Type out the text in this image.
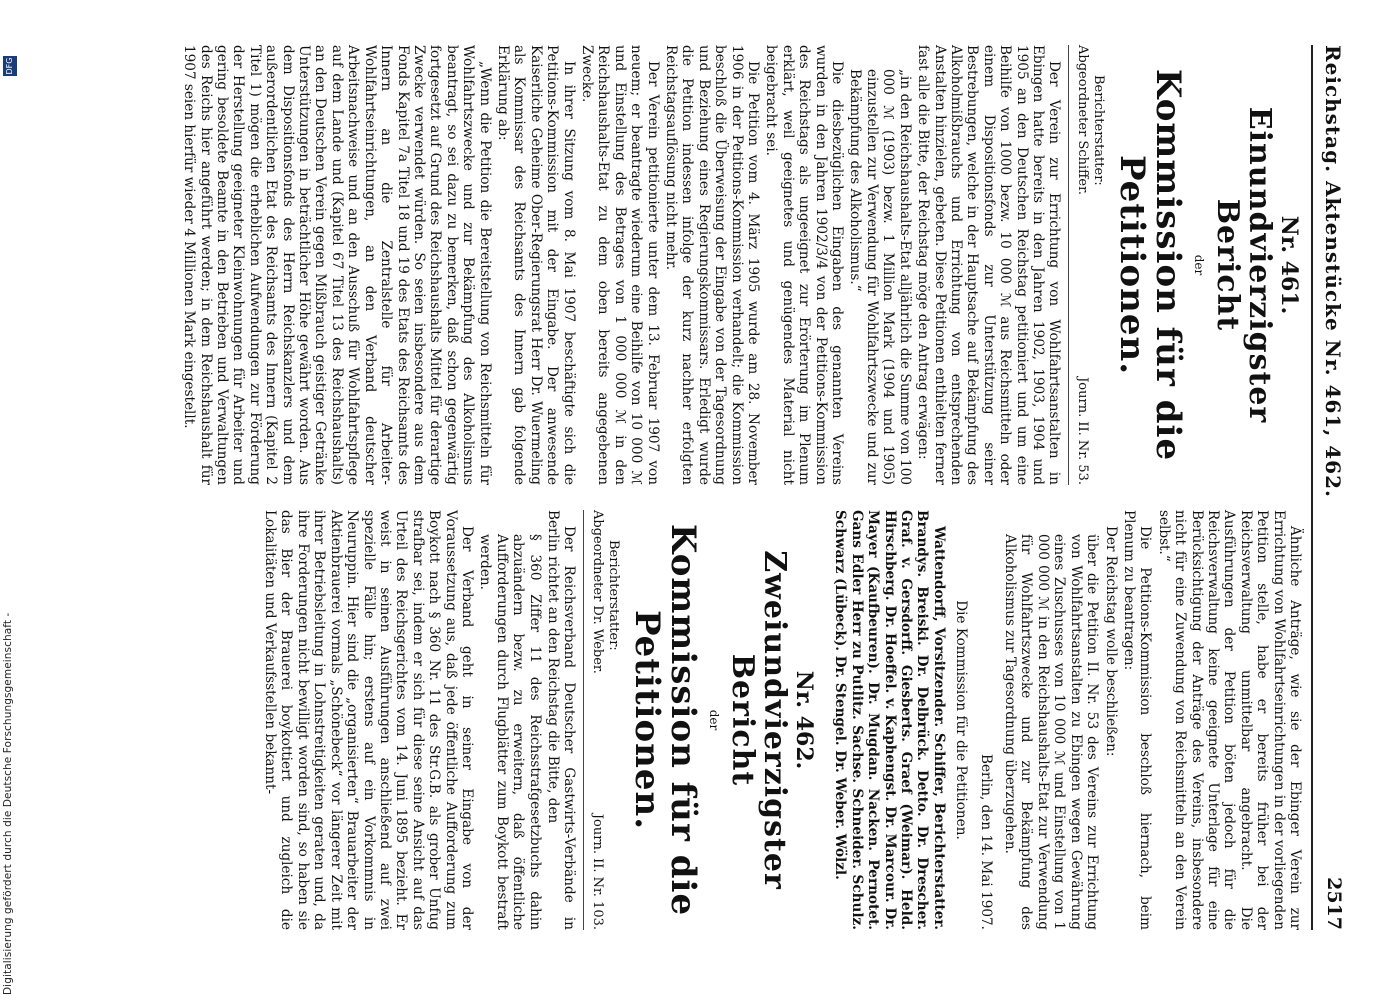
Reichstag. Aktenstücke Nr. 461, 462.
2517
Nr. 461.
Einundvierzigster Bericht
der
Kommission für die Petitionen.
Berichterstatter:
Abgeordneter Schiffer.
Journ. II. Nr. 53.

Der Verein zur Errichtung von Wohlfahrtsanstalten in Ebingen hatte bereits in den Jahren 1902, 1903, 1904 und 1905 an den Deutschen Reichstag petitioniert und um eine Beihilfe von 1000 bezw. 10 000 ℳ aus Reichsmitteln oder einem Dispositionsfonds zur Unterstützung seiner Bestrebungen, welche in der Hauptsache auf Bekämpfung des Alkoholmißbrauchs und Errichtung von entsprechenden Anstalten hinzielen, gebeten. Diese Petitionen enthielten ferner fast alle die Bitte, der Reichstag möge den Antrag erwägen:

„in den Reichshaushalts-Etat alljährlich die Summe von 100 000 ℳ (1903) bezw. 1 Million Mark (1904 und 1905) einzustellen zur Verwendung für Wohlfahrtszwecke und zur Bekämpfung des Alkoholismus.“

Die diesbezüglichen Eingaben des genannten Vereins wurden in den Jahren 1902/3/4 von der Petitions-Kommission des Reichstags als ungeeignet zur Erörterung im Plenum erklärt, weil geeignetes und genügendes Material nicht beigebracht sei.

Die Petition vom 4. März 1905 wurde am 28. November 1906 in der Petitions-Kommission verhandelt; die Kommission beschloß die Überweisung der Eingabe von der Tagesordnung und Beziehung eines Regierungskommissars. Erledigt wurde die Petition indessen infolge der kurz nachher erfolgten Reichstagsauflösung nicht mehr.

Der Verein petitionierte unter dem 13. Februar 1907 von neuem; er beantragte wiederum eine Beihilfe von 10 000 ℳ und Einstellung des Betrages von 1 000 000 ℳ in den Reichshaushalts-Etat zu dem oben bereits angegebenen Zwecke.

In ihrer Sitzung vom 8. Mai 1907 beschäftigte sich die Petitions-Kommission mit der Eingabe. Der anwesende Kaiserliche Geheime Ober-Regierungsrat Herr Dr. Wuermeling als Kommissar des Reichsamts des Innern gab folgende Erklärung ab:

„Wenn die Petition die Bereitstellung von Reichsmitteln für Wohlfahrtszwecke und zur Bekämpfung des Alkoholismus beantragt, so sei dazu zu bemerken, daß schon gegenwärtig fortgesetzt auf Grund des Reichshaushalts Mittel für derartige Zwecke verwendet würden. So seien insbesondere aus dem Fonds Kapitel 7a Titel 18 und 19 des Etats des Reichsamts des Innern an die Zentralstelle für Arbeiter-Wohlfahrtseinrichtungen, an den Verband deutscher Arbeitsnachweise und an den Ausschuß für Wohlfahrtspflege auf dem Lande und (Kapitel 67 Titel 13 des Reichshaushalts) an den Deutschen Verein gegen Mißbrauch geistiger Getränke Unterstützungen in beträchtlicher Höhe gewährt worden. Aus dem Dispositionsfonds des Herrn Reichskanzlers und dem außerordentlichen Etat des Reichsamts des Innern (Kapitel 2 Titel 1) mögen die erheblichen Aufwendungen zur Förderung der Herstellung geeigneter Kleinwohnungen für Arbeiter und gering besoldete Beamte in den Betrieben und Verwaltungen des Reichs hier angeführt werden; in dem Reichshaushalt für 1907 seien hierfür wieder 4 Millionen Mark eingestellt.

Ähnliche Anträge, wie sie der Ebinger Verein zur Errichtung von Wohlfahrtseinrichtungen in der vorliegenden Petition stelle, habe er bereits früher bei der Reichsverwaltung unmittelbar angebracht. Die Ausführungen der Petition böten jedoch für die Reichsverwaltung keine geeignete Unterlage für eine Berücksichtigung der Anträge des Vereins, insbesondere nicht für eine Zuwendung von Reichsmitteln an den Verein selbst.“

Die Petitions-Kommission beschloß hiernach, beim Plenum zu beantragen:

Der Reichstag wolle beschließen:

über die Petition II. Nr. 53 des Vereins zur Errichtung von Wohlfahrtsanstalten zu Ebingen wegen Gewährung eines Zuschusses von 10 000 ℳ und Einstellung von 1 000 000 ℳ in den Reichshaushalts-Etat zur Verwendung für Wohlfahrtszwecke und zur Bekämpfung des Alkoholismus zur Tagesordnung überzugehen.

Berlin, den 14. Mai 1907.

Die Kommission für die Petitionen.

Wattendorff, Vorsitzender. Schiffer, Berichterstatter. Brandys. Breiski. Dr. Delbrück. Detto. Dr. Drescher. Graf. v. Gersdorff. Giesberts. Graef (Weimar). Held. Hirschberg. Dr. Hoeffel. v. Kaphengst. Dr. Marcour. Dr. Mayer (Kaufbeuren). Dr. Mugdan. Nacken. Pernotet. Gans Edler Herr zu Putlitz. Sachse. Schneider. Schulz. Schwarz (Lübeck). Dr. Stengel. Dr. Weber. Wölzl.

Nr. 462.
Zweiundvierzigster Bericht
der
Kommission für die Petitionen.
Berichterstatter:
Abgeordneter Dr. Weber.
Journ. II. Nr. 103.

Der Reichsverband Deutscher Gastwirts-Verbände in Berlin richtet an den Reichstag die Bitte, den

§ 360 Ziffer 11 des Reichsstrafgesetzbuchs dahin abzuändern bezw. zu erweitern, daß öffentliche Aufforderungen durch Flugblätter zum Boykott bestraft werden.

Der Verband geht in seiner Eingabe von der Voraussetzung aus, daß jede öffentliche Aufforderung zum Boykott nach § 360 Nr. 11 des Str.G.B. als grober Unfug strafbar sei, indem er sich für diese seine Ansicht auf das Urteil des Reichsgerichtes vom 14. Juni 1895 bezieht. Er weist in seinen Ausführungen anschließend auf zwei spezielle Fälle hin; erstens auf ein Vorkommnis in Neuruppin. Hier sind die „organisierten“ Brauarbeiter der Aktienbrauerei vormals „Schönebeck“ vor längerer Zeit mit ihrer Betriebsleitung in Lohnstreitigkeiten geraten und, da ihre Forderungen nicht bewilligt worden sind, so haben sie das Bier der Brauerei boykottiert und zugleich die Lokalitäten und Verkaufsstellen bekannt-

Digitalisierung gefördert durch die Deutsche Forschungsgemeinschaft -
DFG
